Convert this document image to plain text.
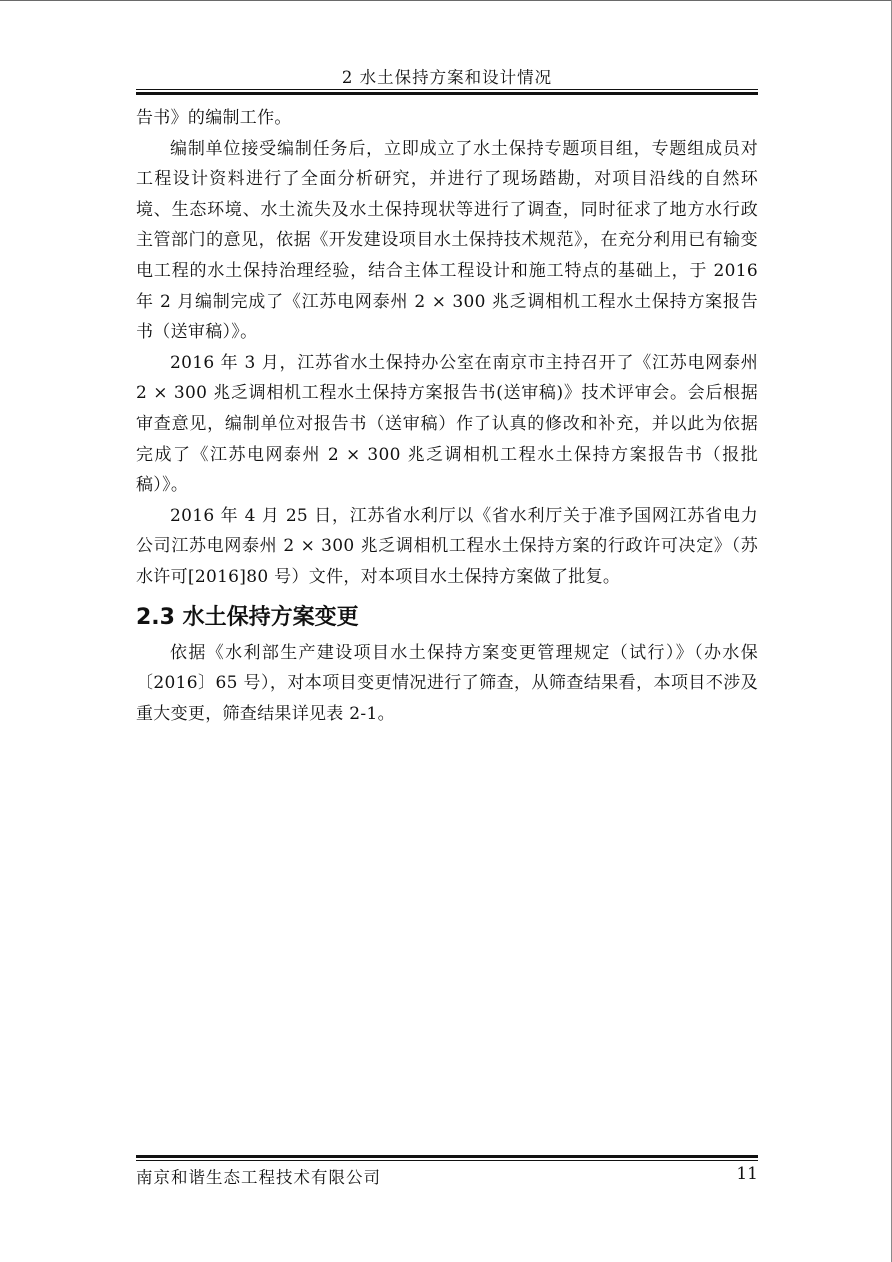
2 水土保持方案和设计情况

告书》的编制工作。

编制单位接受编制任务后，立即成立了水土保持专题项目组，专题组成员对工程设计资料进行了全面分析研究，并进行了现场踏勘，对项目沿线的自然环境、生态环境、水土流失及水土保持现状等进行了调查，同时征求了地方水行政主管部门的意见，依据《开发建设项目水土保持技术规范》，在充分利用已有输变电工程的水土保持治理经验，结合主体工程设计和施工特点的基础上，于 2016 年 2 月编制完成了《江苏电网泰州 2 × 300 兆乏调相机工程水土保持方案报告书（送审稿）》。

2016 年 3 月，江苏省水土保持办公室在南京市主持召开了《江苏电网泰州 2 × 300 兆乏调相机工程水土保持方案报告书(送审稿)》技术评审会。会后根据审查意见，编制单位对报告书（送审稿）作了认真的修改和补充，并以此为依据完成了《江苏电网泰州 2 × 300 兆乏调相机工程水土保持方案报告书（报批稿）》。

2016 年 4 月 25 日，江苏省水利厅以《省水利厅关于准予国网江苏省电力公司江苏电网泰州 2 × 300 兆乏调相机工程水土保持方案的行政许可决定》（苏水许可[2016]80 号）文件，对本项目水土保持方案做了批复。

2.3 水土保持方案变更

依据《水利部生产建设项目水土保持方案变更管理规定（试行）》（办水保〔2016〕65 号），对本项目变更情况进行了筛查，从筛查结果看，本项目不涉及重大变更，筛查结果详见表 2-1。

南京和谐生态工程技术有限公司	11
